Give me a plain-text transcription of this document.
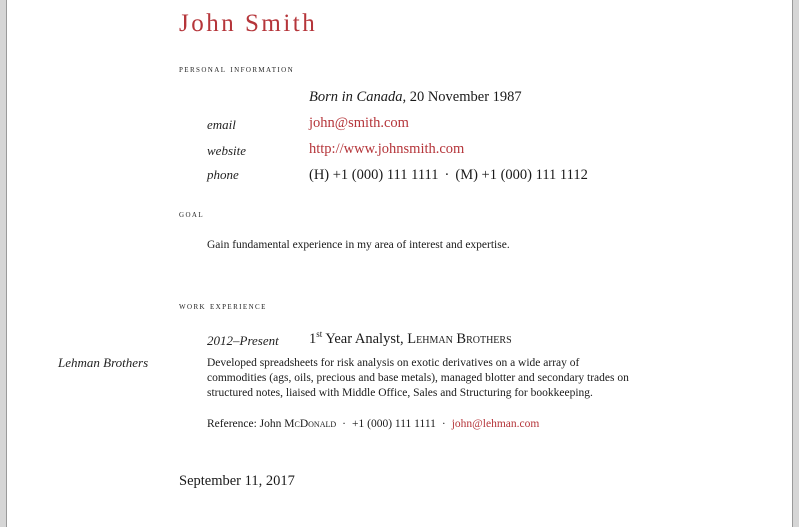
John Smith
personal information
Born in Canada, 20 November 1987
email	john@smith.com
website	http://www.johnsmith.com
phone	(H) +1 (000) 111 1111 · (M) +1 (000) 111 1112
goal
Gain fundamental experience in my area of interest and expertise.
work experience
2012–Present 1st Year Analyst, Lehman Brothers
Lehman Brothers	Developed spreadsheets for risk analysis on exotic derivatives on a wide array of commodities (ags, oils, precious and base metals), managed blotter and secondary trades on structured notes, liaised with Middle Office, Sales and Structuring for bookkeeping.
Reference: John McDonald · +1 (000) 111 1111 · john@lehman.com
September 11, 2017
